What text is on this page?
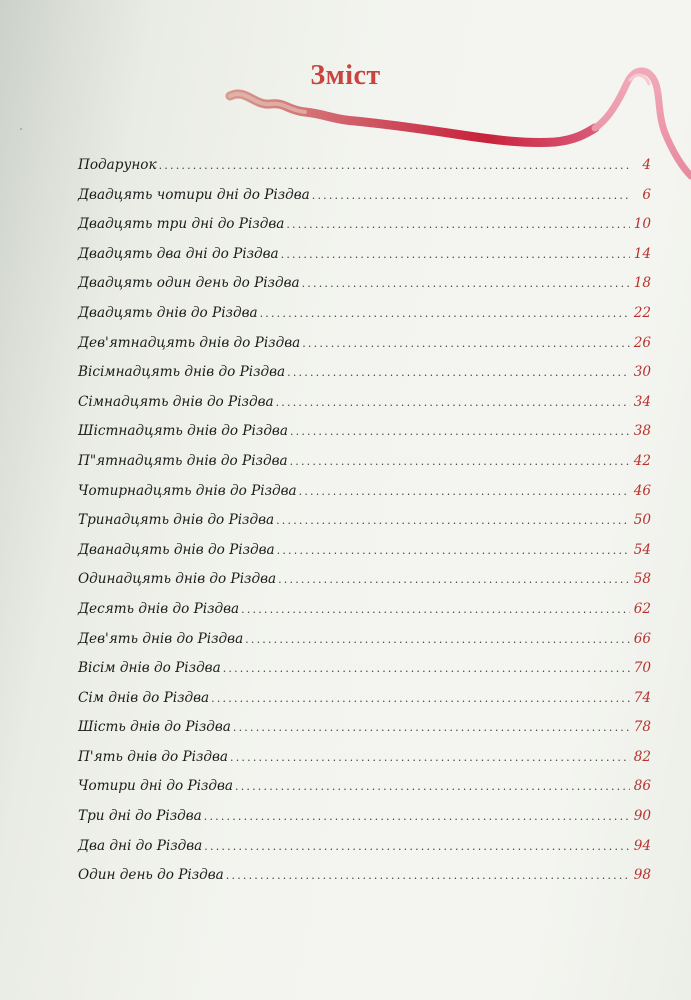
Зміст
Подарунок .....	4
Двадцять чотири дні до Різдва .....	6
Двадцять три дні до Різдва .....	10
Двадцять два дні до Різдва .....	14
Двадцять один день до Різдва .....	18
Двадцять днів до Різдва .....	22
Дев'ятнадцять днів до Різдва .....	26
Вісімнадцять днів до Різдва .....	30
Сімнадцять днів до Різдва .....	34
Шістнадцять днів до Різдва .....	38
П"ятнадцять днів до Різдва .....	42
Чотирнадцять днів до Різдва .....	46
Тринадцять днів до Різдва .....	50
Дванадцять днів до Різдва .....	54
Одинадцять днів до Різдва .....	58
Десять днів до Різдва .....	62
Дев'ять днів до Різдва .....	66
Вісім днів до Різдва .....	70
Сім днів до Різдва .....	74
Шість днів до Різдва .....	78
П'ять днів до Різдва .....	82
Чотири дні до Різдва .....	86
Три дні до Різдва .....	90
Два дні до Різдва .....	94
Один день до Різдва .....	98
